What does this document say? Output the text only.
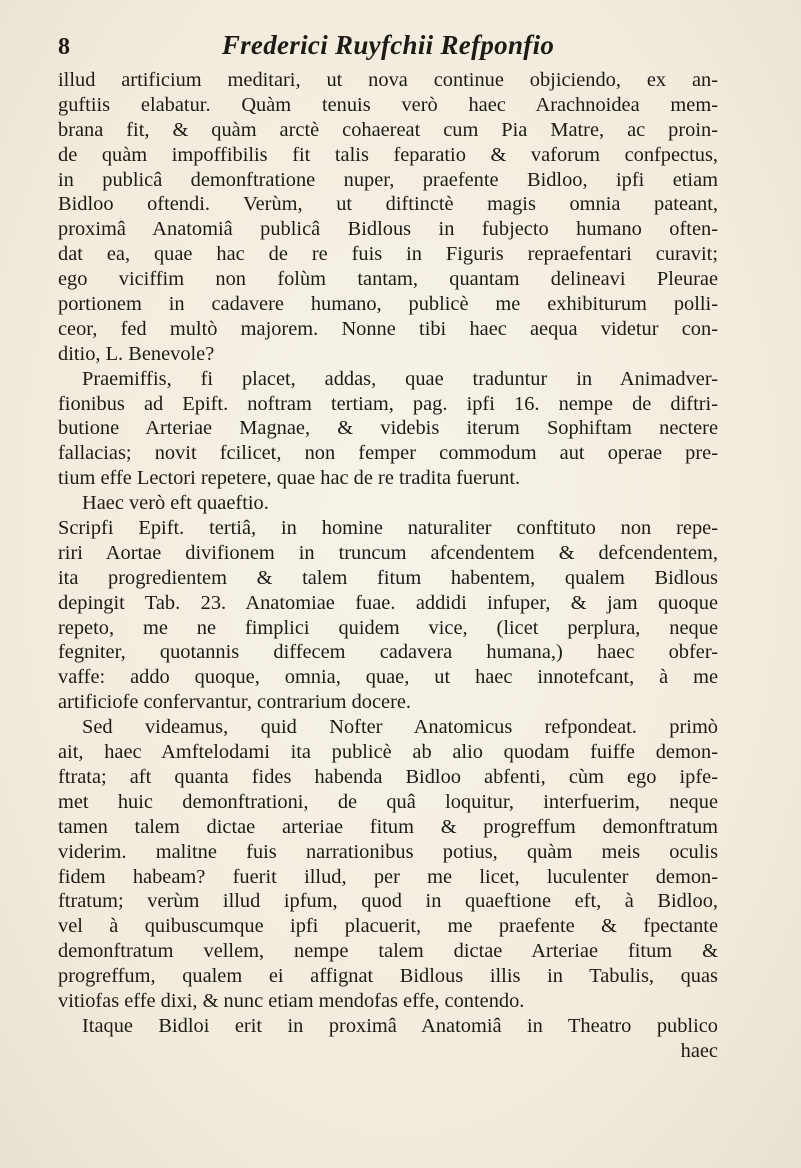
8	Frederici Ruyfchii Refponfio
illud artificium meditari, ut nova continue objiciendo, ex an-
guftiis elabatur. Quàm tenuis verò haec Arachnoidea mem-
brana fit, & quàm arctè cohaereat cum Pia Matre, ac proin-
de quàm impoffibilis fit talis feparatio & vaforum confpectus,
in publicâ demonftratione nuper, praefente Bidloo, ipfi etiam
Bidloo oftendi. Verùm, ut diftinctè magis omnia pateant,
proximâ Anatomiâ publicâ Bidlous in fubjecto humano often-
dat ea, quae hac de re fuis in Figuris repraefentari curavit;
ego viciffim non folùm tantam, quantam delineavi Pleurae
portionem in cadavere humano, publicè me exhibiturum polli-
ceor, fed multò majorem. Nonne tibi haec aequa videtur con-
ditio, L. Benevole?
Praemiffis, fi placet, addas, quae traduntur in Animadver-
fionibus ad Epift. noftram tertiam, pag. ipfi 16. nempe de diftri-
butione Arteriae Magnae, & videbis iterum Sophiftam nectere
fallacias; novit fcilicet, non femper commodum aut operae pre-
tium effe Lectori repetere, quae hac de re tradita fuerunt.
Haec verò eft quaeftio.
Scripfi Epift. tertiâ, in homine naturaliter conftituto non repe-
riri Aortae divifionem in truncum afcendentem & defcendentem,
ita progredientem & talem fitum habentem, qualem Bidlous
depingit Tab. 23. Anatomiae fuae. addidi infuper, & jam quoque
repeto, me ne fimplici quidem vice, (licet perplura, neque
fegniter, quotannis diffecem cadavera humana,) haec obfer-
vaffe: addo quoque, omnia, quae, ut haec innotefcant, à me
artificiofe confervantur, contrarium docere.
Sed videamus, quid Nofter Anatomicus refpondeat. primò
ait, haec Amftelodami ita publicè ab alio quodam fuiffe demon-
ftrata; aft quanta fides habenda Bidloo abfenti, cùm ego ipfe-
met huic demonftrationi, de quâ loquitur, interfuerim, neque
tamen talem dictae arteriae fitum & progreffum demonftratum
viderim. malitne fuis narrationibus potius, quàm meis oculis
fidem habeam? fuerit illud, per me licet, luculenter demon-
ftratum; verùm illud ipfum, quod in quaeftione eft, à Bidloo,
vel à quibuscumque ipfi placuerit, me praefente & fpectante
demonftratum vellem, nempe talem dictae Arteriae fitum &
progreffum, qualem ei affignat Bidlous illis in Tabulis, quas
vitiofas effe dixi, & nunc etiam mendofas effe, contendo.
Itaque Bidloi erit in proximâ Anatomiâ in Theatro publico
haec
